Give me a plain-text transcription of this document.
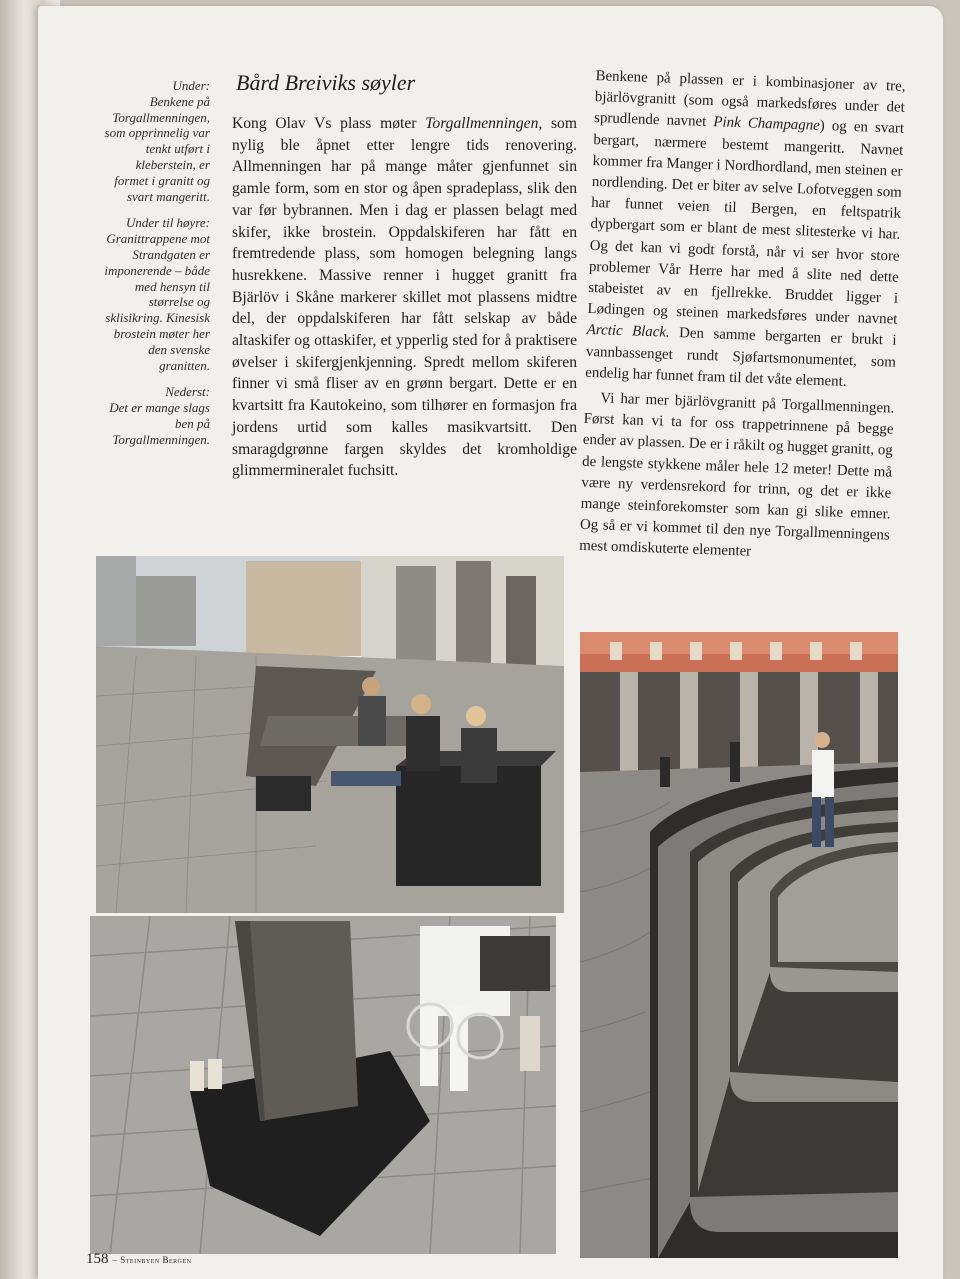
Under:
Benkene på Torgallmenningen, som opprinnelig var tenkt utført i kleberstein, er formet i granitt og svart mangeritt.

Under til høyre:
Granittrappene mot Strandgaten er imponerende – både med hensyn til størrelse og sklisikring. Kinesisk brostein møter her den svenske granitten.

Nederst:
Det er mange slags ben på Torgallmenningen.

Bård Breiviks søyler

Kong Olav Vs plass møter Torgallmenningen, som nylig ble åpnet etter lengre tids renovering. Allmenningen har på mange måter gjenfunnet sin gamle form, som en stor og åpen spradeplass, slik den var før bybrannen. Men i dag er plassen belagt med skifer, ikke brostein. Oppdalskiferen har fått en fremtredende plass, som homogen belegning langs husrekkene. Massive renner i hugget granitt fra Bjärlöv i Skåne markerer skillet mot plassens midtre del, der oppdalskiferen har fått selskap av både altaskifer og ottaskifer, et ypperlig sted for å praktisere øvelser i skifergjenkjenning. Spredt mellom skiferen finner vi små fliser av en grønn bergart. Dette er en kvartsitt fra Kautokeino, som tilhører en formasjon fra jordens urtid som kalles masikvartsitt. Den smaragdgrønne fargen skyldes det kromholdige glimmermineralet fuchsitt.

Benkene på plassen er i kombinasjoner av tre, bjärlövgranitt (som også markedsføres under det sprudlende navnet Pink Champagne) og en svart bergart, nærmere bestemt mangeritt. Navnet kommer fra Manger i Nordhordland, men steinen er nordlending. Det er biter av selve Lofotveggen som har funnet veien til Bergen, en feltspatrik dypbergart som er blant de mest slitesterke vi har. Og det kan vi godt forstå, når vi ser hvor store problemer Vår Herre har med å slite ned dette stabeistet av en fjellrekke. Bruddet ligger i Lødingen og steinen markedsføres under navnet Arctic Black. Den samme bergarten er brukt i vannbassenget rundt Sjøfartsmonumentet, som endelig har funnet fram til det våte element.

Vi har mer bjärlövgranitt på Torgallmenningen. Først kan vi ta for oss trappetrinnene på begge ender av plassen. De er i råkilt og hugget granitt, og de lengste stykkene måler hele 12 meter! Dette må være ny verdensrekord for trinn, og det er ikke mange steinforekomster som kan gi slike emner. Og så er vi kommet til den nye Torgallmenningens mest omdiskuterte elementer

158 – Steinbyen Bergen
